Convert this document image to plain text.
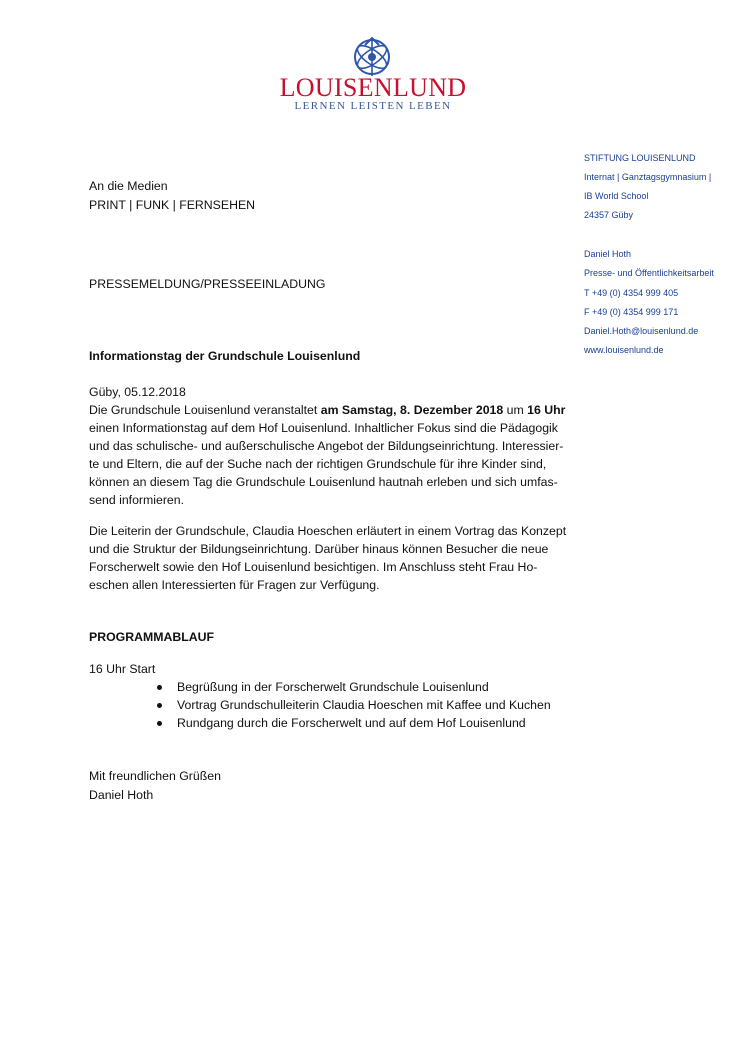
LOUISENLUND
LERNEN LEISTEN LEBEN
STIFTUNG LOUISENLUND
Internat | Ganztagsgymnasium |
IB World School
24357 Güby
Daniel Hoth
Presse- und Öffentlichkeitsarbeit
T +49 (0) 4354 999 405
F +49 (0) 4354 999 171
Daniel.Hoth@louisenlund.de
www.louisenlund.de
An die Medien
PRINT | FUNK | FERNSEHEN
PRESSEMELDUNG/PRESSEEINLADUNG
Informationstag der Grundschule Louisenlund

Güby, 05.12.2018

Die Grundschule Louisenlund veranstaltet am Samstag, 8. Dezember 2018 um 16 Uhr

einen Informationstag auf dem Hof Louisenlund. Inhaltlicher Fokus sind die Pädagogik

und das schulische- und außerschulische Angebot der Bildungseinrichtung. Interessier-

te und Eltern, die auf der Suche nach der richtigen Grundschule für ihre Kinder sind,

können an diesem Tag die Grundschule Louisenlund hautnah erleben und sich umfas-

send informieren.

Die Leiterin der Grundschule, Claudia Hoeschen erläutert in einem Vortrag das Konzept

und die Struktur der Bildungseinrichtung. Darüber hinaus können Besucher die neue

Forscherwelt sowie den Hof Louisenlund besichtigen. Im Anschluss steht Frau Ho-

eschen allen Interessierten für Fragen zur Verfügung.

PROGRAMMABLAUF
16 Uhr Start
Begrüßung in der Forscherwelt Grundschule Louisenlund
Vortrag Grundschulleiterin Claudia Hoeschen mit Kaffee und Kuchen
Rundgang durch die Forscherwelt und auf dem Hof Louisenlund
Mit freundlichen Grüßen
Daniel Hoth
